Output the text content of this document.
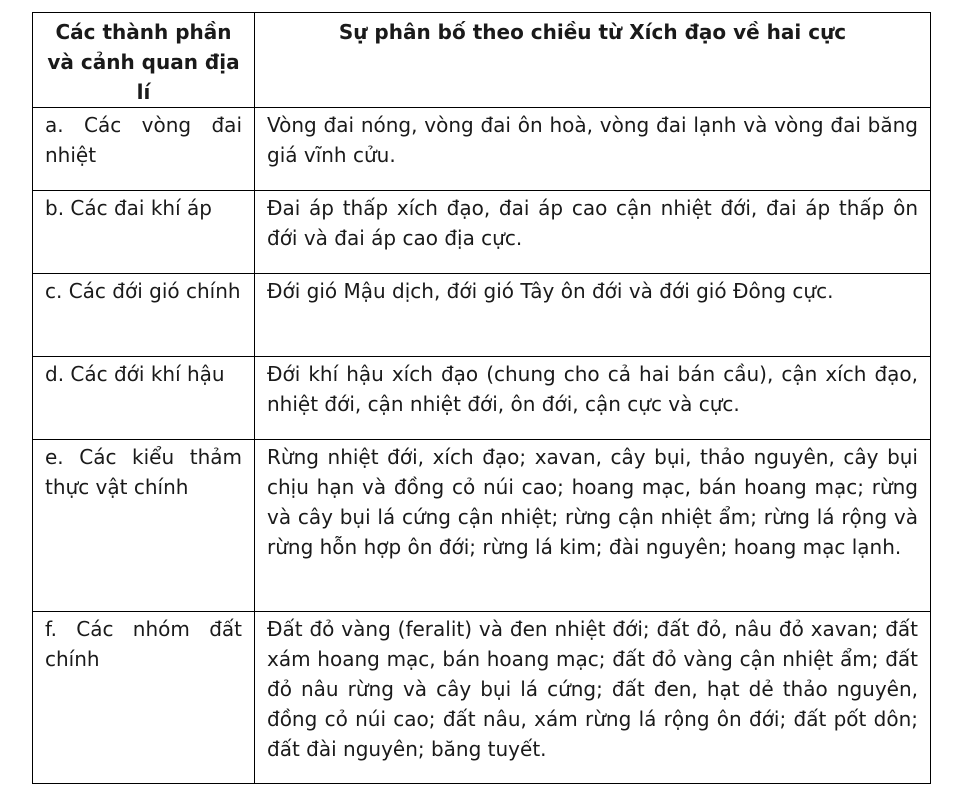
Các thành phần và cảnh quan địa lí	Sự phân bố theo chiều từ Xích đạo về hai cực
a. Các vòng đai nhiệt	Vòng đai nóng, vòng đai ôn hoà, vòng đai lạnh và vòng đai băng giá vĩnh cửu.
b. Các đai khí áp	Đai áp thấp xích đạo, đai áp cao cận nhiệt đới, đai áp thấp ôn đới và đai áp cao địa cực.
c. Các đới gió chính	Đới gió Mậu dịch, đới gió Tây ôn đới và đới gió Đông cực.
d. Các đới khí hậu	Đới khí hậu xích đạo (chung cho cả hai bán cầu), cận xích đạo, nhiệt đới, cận nhiệt đới, ôn đới, cận cực và cực.
e. Các kiểu thảm thực vật chính	Rừng nhiệt đới, xích đạo; xavan, cây bụi, thảo nguyên, cây bụi chịu hạn và đồng cỏ núi cao; hoang mạc, bán hoang mạc; rừng và cây bụi lá cứng cận nhiệt; rừng cận nhiệt ẩm; rừng lá rộng và rừng hỗn hợp ôn đới; rừng lá kim; đài nguyên; hoang mạc lạnh.
f. Các nhóm đất chính	Đất đỏ vàng (feralit) và đen nhiệt đới; đất đỏ, nâu đỏ xavan; đất xám hoang mạc, bán hoang mạc; đất đỏ vàng cận nhiệt ẩm; đất đỏ nâu rừng và cây bụi lá cứng; đất đen, hạt dẻ thảo nguyên, đồng cỏ núi cao; đất nâu, xám rừng lá rộng ôn đới; đất pốt dôn; đất đài nguyên; băng tuyết.
